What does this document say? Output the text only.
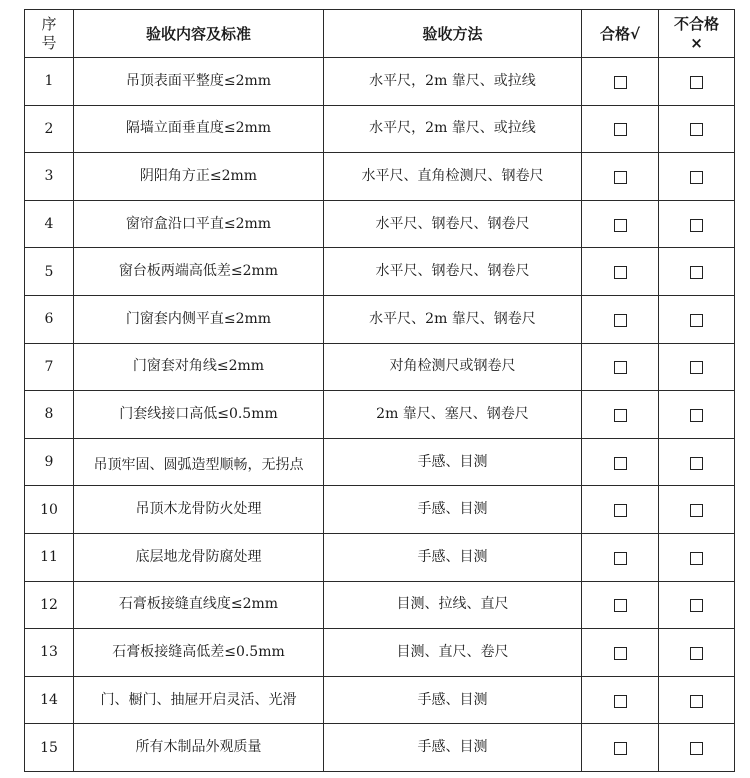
序号	验收内容及标准	验收方法	合格√	不合格
×
1	吊顶表面平整度≤2mm	水平尺，2m 靠尺、或拉线		
2	隔墙立面垂直度≤2mm	水平尺，2m 靠尺、或拉线		
3	阴阳角方正≤2mm	水平尺、直角检测尺、钢卷尺		
4	窗帘盒沿口平直≤2mm	水平尺、钢卷尺、钢卷尺		
5	窗台板两端高低差≤2mm	水平尺、钢卷尺、钢卷尺		
6	门窗套内侧平直≤2mm	水平尺、2m 靠尺、钢卷尺		
7	门窗套对角线≤2mm	对角检测尺或钢卷尺		
8	门套线接口高低≤0.5mm	2m 靠尺、塞尺、钢卷尺		
9	吊顶牢固、圆弧造型顺畅，无拐点	手感、目测		
10	吊顶木龙骨防火处理	手感、目测		
11	底层地龙骨防腐处理	手感、目测		
12	石膏板接缝直线度≤2mm	目测、拉线、直尺		
13	石膏板接缝高低差≤0.5mm	目测、直尺、卷尺		
14	门、橱门、抽屉开启灵活、光滑	手感、目测		
15	所有木制品外观质量	手感、目测		
